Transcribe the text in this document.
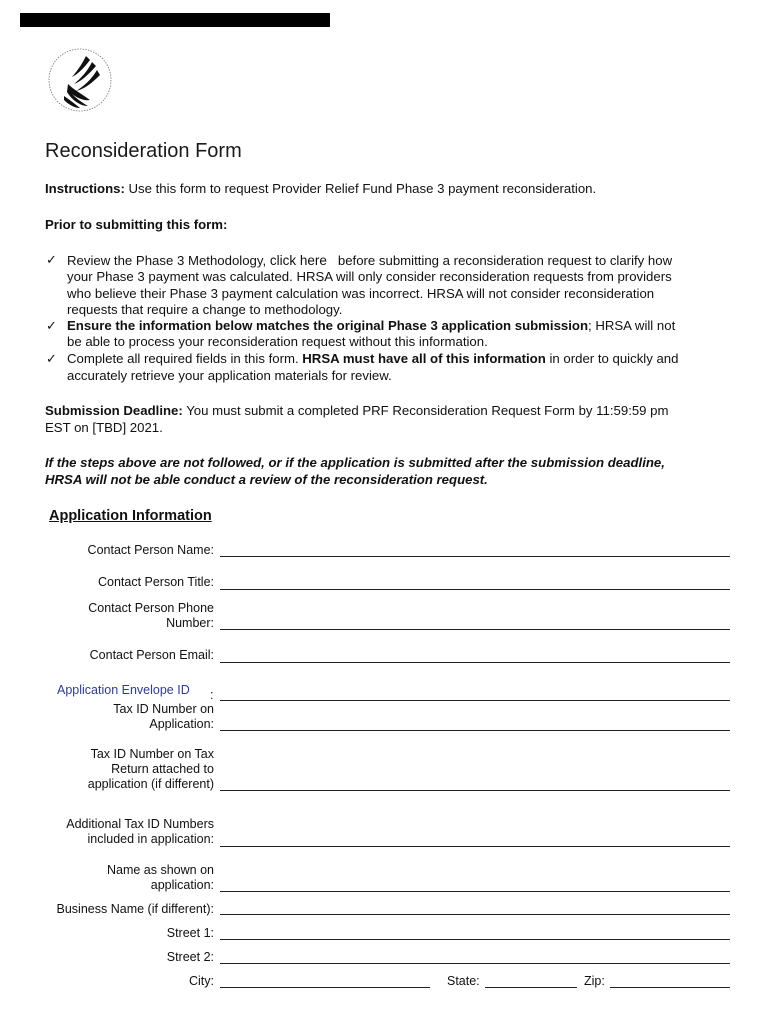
Reconsideration Form
Instructions: Use this form to request Provider Relief Fund Phase 3 payment reconsideration.
Prior to submitting this form:
✓ Review the Phase 3 Methodology, click here before submitting a reconsideration request to clarify how
your Phase 3 payment was calculated. HRSA will only consider reconsideration requests from providers
who believe their Phase 3 payment calculation was incorrect. HRSA will not consider reconsideration
requests that require a change to methodology.
✓ Ensure the information below matches the original Phase 3 application submission; HRSA will not
be able to process your reconsideration request without this information.
✓ Complete all required fields in this form. HRSA must have all of this information in order to quickly and
accurately retrieve your application materials for review.
Submission Deadline: You must submit a completed PRF Reconsideration Request Form by 11:59:59 pm
EST on [TBD] 2021.
If the steps above are not followed, or if the application is submitted after the submission deadline,
HRSA will not be able conduct a review of the reconsideration request.
Application Information
Contact Person Name:
Contact Person Title:
Contact Person Phone
Number:
Contact Person Email:
Application Envelope ID :
Tax ID Number on
Application:
Tax ID Number on Tax
Return attached to
application (if different)
Additional Tax ID Numbers
included in application:
Name as shown on
application:
Business Name (if different):
Street 1:
Street 2:
City:	State:	Zip:
